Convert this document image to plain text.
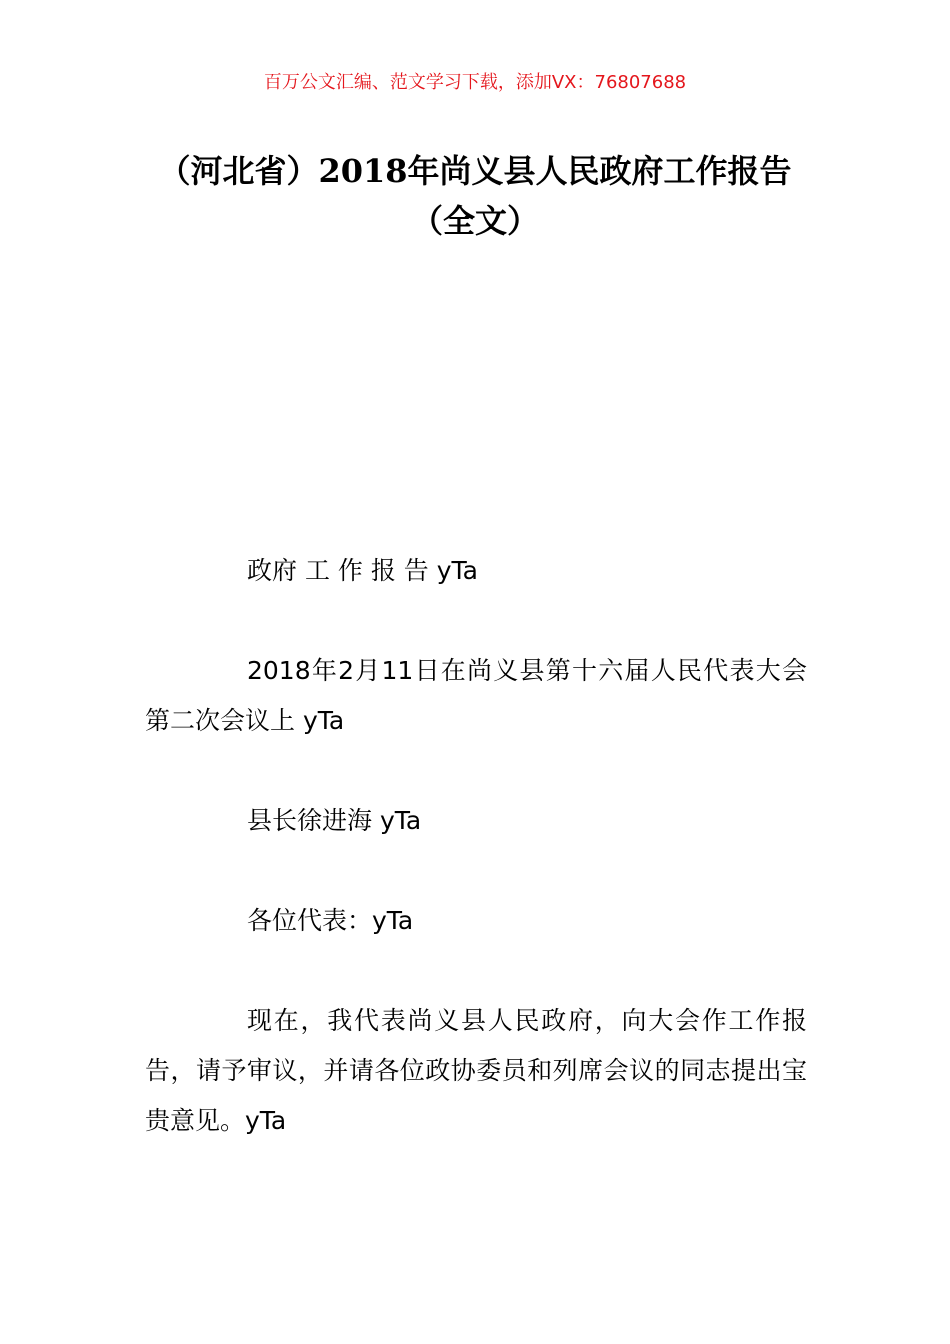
百万公文汇编、范文学习下载，添加VX：76807688
（河北省）2018年尚义县人民政府工作报告（全文）

政府 工 作 报 告 yTa

2018年2月11日在尚义县第十六届人民代表大会第二次会议上 yTa

县长徐进海 yTa

各位代表：yTa

现在，我代表尚义县人民政府，向大会作工作报告，请予审议，并请各位政协委员和列席会议的同志提出宝贵意见。yTa
